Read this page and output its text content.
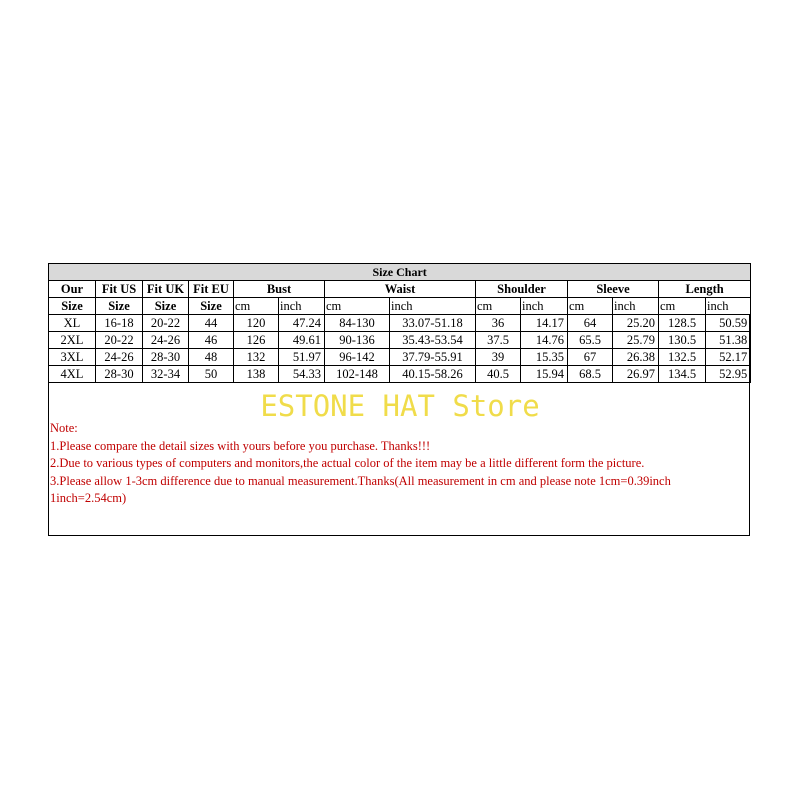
Size Chart													
Our	Fit US	Fit UK	Fit EU	Bust		Waist		Shoulder		Sleeve		Length	
Size	Size	Size	Size	cm	inch	cm	inch	cm	inch	cm	inch	cm	inch
XL	16-18	20-22	44	120	47.24	84-130	33.07-51.18	36	14.17	64	25.20	128.5	50.59
2XL	20-22	24-26	46	126	49.61	90-136	35.43-53.54	37.5	14.76	65.5	25.79	130.5	51.38
3XL	24-26	28-30	48	132	51.97	96-142	37.79-55.91	39	15.35	67	26.38	132.5	52.17
4XL	28-30	32-34	50	138	54.33	102-148	40.15-58.26	40.5	15.94	68.5	26.97	134.5	52.95
ESTONE HAT Store
Note:
1.Please compare the detail sizes with yours before you purchase. Thanks!!!
2.Due to various types of computers and monitors,the actual color of the item may be a little different form the picture.
3.Please allow 1-3cm difference due to manual measurement.Thanks(All measurement in cm and please note 1cm=0.39inch
1inch=2.54cm)
